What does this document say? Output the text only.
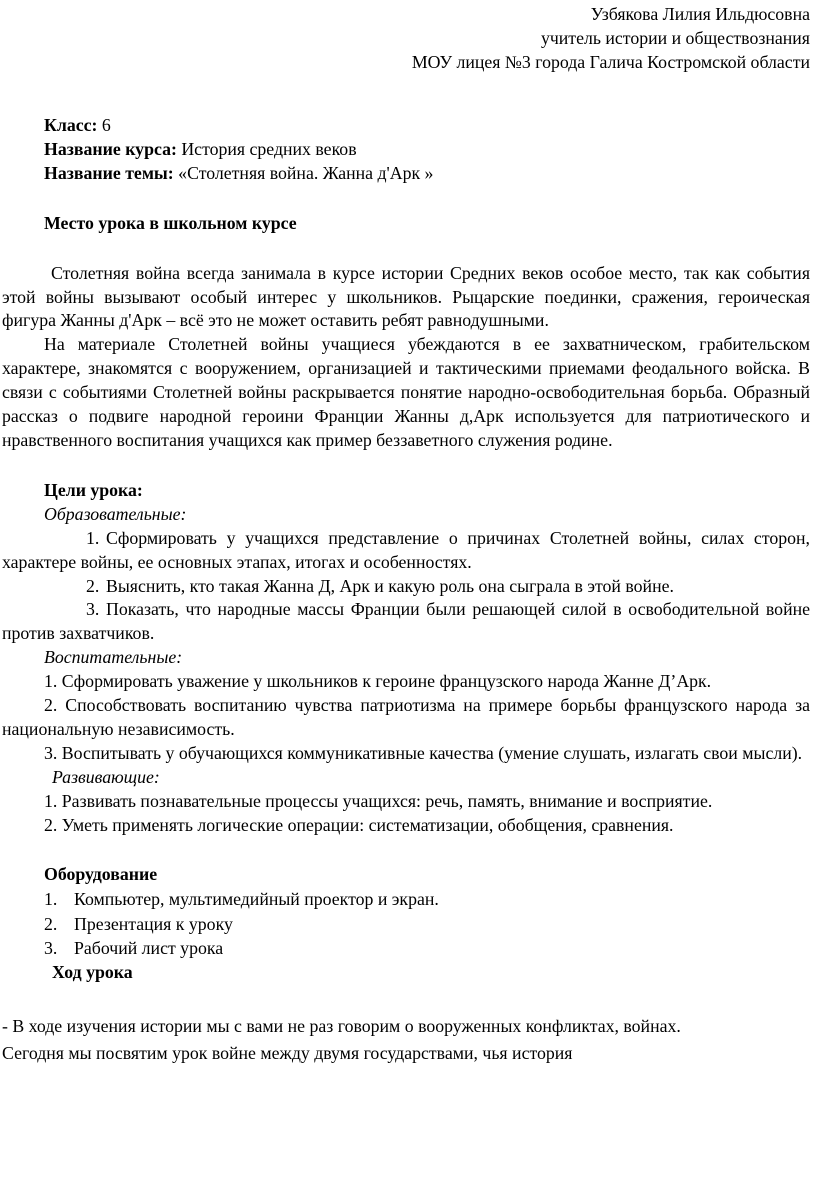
Узбякова Лилия Ильдюсовна
учитель истории и обществознания
МОУ лицея №3 города Галича Костромской области
Класс: 6
Название курса: История средних веков
Название темы: «Столетняя война. Жанна д'Арк »
Место урока в школьном курсе
Столетняя война всегда занимала в курсе истории Средних веков особое место, так как события этой войны вызывают особый интерес у школьников. Рыцарские поединки, сражения, героическая фигура Жанны д'Арк – всё это не может оставить ребят равнодушными.
На материале Столетней войны учащиеся убеждаются в ее захватническом, грабительском характере, знакомятся с вооружением, организацией и тактическими приемами феодального войска. В связи с событиями Столетней войны раскрывается понятие народно-освободительная борьба. Образный рассказ о подвиге народной героини Франции Жанны д,Арк используется для патриотического и нравственного воспитания учащихся как пример беззаветного служения родине.
Цели урока:
Образовательные:
1. Сформировать у учащихся представление о причинах Столетней войны, силах сторон, характере войны, ее основных этапах, итогах и особенностях.
2. Выяснить, кто такая Жанна Д, Арк и какую роль она сыграла в этой войне.
3. Показать, что народные массы Франции были решающей силой в освободительной войне против захватчиков.
Воспитательные:
1. Сформировать уважение у школьников к героине французского народа Жанне Д’Арк.
2. Способствовать воспитанию чувства патриотизма на примере борьбы французского народа за национальную независимость.
3. Воспитывать у обучающихся коммуникативные качества (умение слушать, излагать свои мысли).
Развивающие:
1. Развивать познавательные процессы учащихся: речь, память, внимание и восприятие.
2. Уметь применять логические операции: систематизации, обобщения, сравнения.
Оборудование
1. Компьютер, мультимедийный проектор и экран.
2. Презентация к уроку
3. Рабочий лист урока
Ход урока
- В ходе изучения истории мы с вами не раз говорим о вооруженных конфликтах, войнах.
Сегодня мы посвятим урок войне между двумя государствами, чья история
